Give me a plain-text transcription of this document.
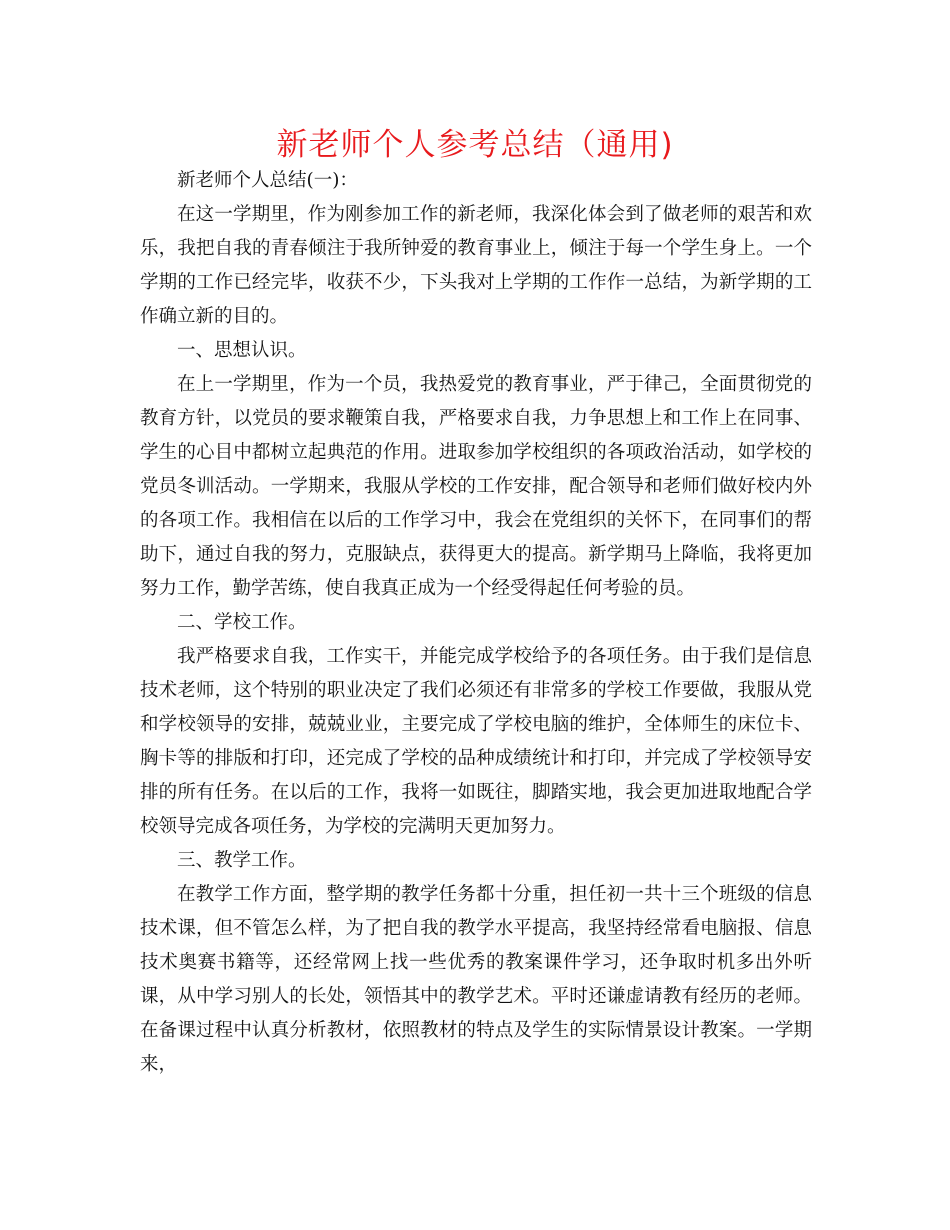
新老师个人参考总结（通用)

新老师个人总结(一)：

在这一学期里，作为刚参加工作的新老师，我深化体会到了做老师的艰苦和欢乐，我把自我的青春倾注于我所钟爱的教育事业上，倾注于每一个学生身上。一个学期的工作已经完毕，收获不少，下头我对上学期的工作作一总结，为新学期的工作确立新的目的。

一、思想认识。

在上一学期里，作为一个员，我热爱党的教育事业，严于律己，全面贯彻党的教育方针，以党员的要求鞭策自我，严格要求自我，力争思想上和工作上在同事、学生的心目中都树立起典范的作用。进取参加学校组织的各项政治活动，如学校的党员冬训活动。一学期来，我服从学校的工作安排，配合领导和老师们做好校内外的各项工作。我相信在以后的工作学习中，我会在党组织的关怀下，在同事们的帮助下，通过自我的努力，克服缺点，获得更大的提高。新学期马上降临，我将更加努力工作，勤学苦练，使自我真正成为一个经受得起任何考验的员。

二、学校工作。

我严格要求自我，工作实干，并能完成学校给予的各项任务。由于我们是信息技术老师，这个特别的职业决定了我们必须还有非常多的学校工作要做，我服从党和学校领导的安排，兢兢业业，主要完成了学校电脑的维护，全体师生的床位卡、胸卡等的排版和打印，还完成了学校的品种成绩统计和打印，并完成了学校领导安排的所有任务。在以后的工作，我将一如既往，脚踏实地，我会更加进取地配合学校领导完成各项任务，为学校的完满明天更加努力。

三、教学工作。

在教学工作方面，整学期的教学任务都十分重，担任初一共十三个班级的信息技术课，但不管怎么样，为了把自我的教学水平提高，我坚持经常看电脑报、信息技术奥赛书籍等，还经常网上找一些优秀的教案课件学习，还争取时机多出外听课，从中学习别人的长处，领悟其中的教学艺术。平时还谦虚请教有经历的老师。在备课过程中认真分析教材，依照教材的特点及学生的实际情景设计教案。一学期来，
